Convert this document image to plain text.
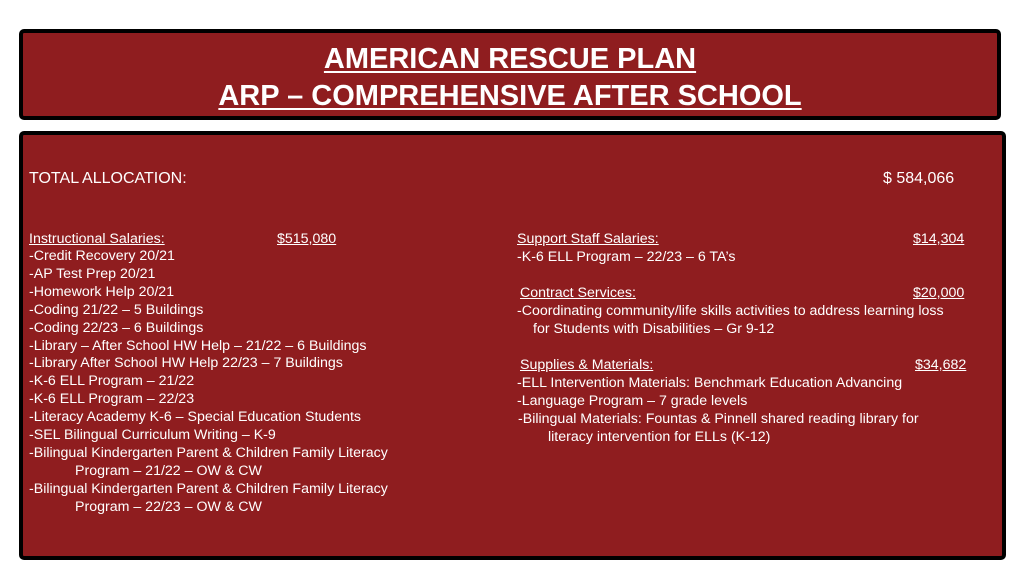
AMERICAN RESCUE PLAN
ARP – COMPREHENSIVE AFTER SCHOOL
TOTAL ALLOCATION:	$ 584,066
Instructional Salaries:	$515,080
-Credit Recovery 20/21
-AP Test Prep 20/21
-Homework Help 20/21
-Coding 21/22 – 5 Buildings
-Coding 22/23 – 6 Buildings
-Library – After School HW Help – 21/22 – 6 Buildings
-Library After School HW Help 22/23 – 7 Buildings
-K-6 ELL Program – 21/22
-K-6 ELL Program – 22/23
-Literacy Academy K-6 – Special Education Students
-SEL Bilingual Curriculum Writing – K-9
-Bilingual Kindergarten Parent & Children Family Literacy
Program – 21/22 – OW & CW
-Bilingual Kindergarten Parent & Children Family Literacy
Program – 22/23 – OW & CW
Support Staff Salaries:	$14,304
-K-6 ELL Program – 22/23 – 6 TA’s
Contract Services:	$20,000
-Coordinating community/life skills activities to address learning loss
for Students with Disabilities – Gr 9-12
Supplies & Materials:	$34,682
-ELL Intervention Materials: Benchmark Education Advancing
-Language Program – 7 grade levels
-Bilingual Materials: Fountas & Pinnell shared reading library for
literacy intervention for ELLs (K-12)
